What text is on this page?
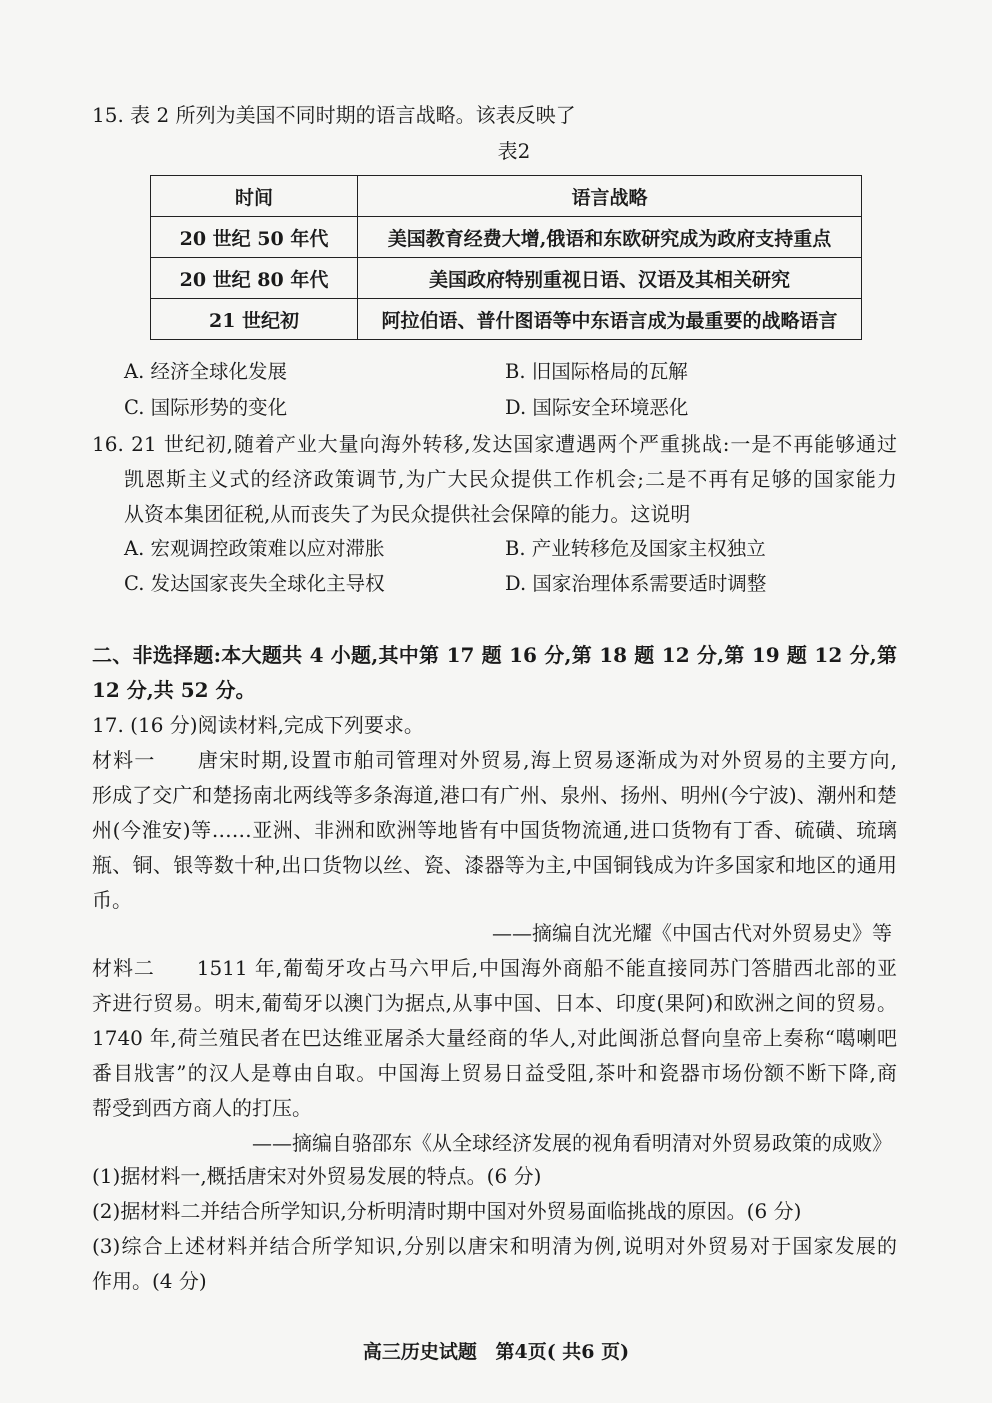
15. 表 2 所列为美国不同时期的语言战略。该表反映了
表2
时间	语言战略
20 世纪 50 年代	美国教育经费大增,俄语和东欧研究成为政府支持重点
20 世纪 80 年代	美国政府特别重视日语、汉语及其相关研究
21 世纪初	阿拉伯语、普什图语等中东语言成为最重要的战略语言
A. 经济全球化发展	B. 旧国际格局的瓦解
C. 国际形势的变化	D. 国际安全环境恶化
16. 21 世纪初,随着产业大量向海外转移,发达国家遭遇两个严重挑战:一是不再能够通过
凯恩斯主义式的经济政策调节,为广大民众提供工作机会;二是不再有足够的国家能力
从资本集团征税,从而丧失了为民众提供社会保障的能力。这说明
A. 宏观调控政策难以应对滞胀	B. 产业转移危及国家主权独立
C. 发达国家丧失全球化主导权	D. 国家治理体系需要适时调整
二、非选择题:本大题共 4 小题,其中第 17 题 16 分,第 18 题 12 分,第 19 题 12 分,第
12 分,共 52 分。
17. (16 分)阅读材料,完成下列要求。
材料一　　唐宋时期,设置市舶司管理对外贸易,海上贸易逐渐成为对外贸易的主要方向,
形成了交广和楚扬南北两线等多条海道,港口有广州、泉州、扬州、明州(今宁波)、潮州和楚
州(今淮安)等……亚洲、非洲和欧洲等地皆有中国货物流通,进口货物有丁香、硫磺、琉璃
瓶、铜、银等数十种,出口货物以丝、瓷、漆器等为主,中国铜钱成为许多国家和地区的通用
币。
——摘编自沈光耀《中国古代对外贸易史》等
材料二　　1511 年,葡萄牙攻占马六甲后,中国海外商船不能直接同苏门答腊西北部的亚
齐进行贸易。明末,葡萄牙以澳门为据点,从事中国、日本、印度(果阿)和欧洲之间的贸易。
1740 年,荷兰殖民者在巴达维亚屠杀大量经商的华人,对此闽浙总督向皇帝上奏称“噶喇吧
番目戕害”的汉人是尊由自取。中国海上贸易日益受阻,茶叶和瓷器市场份额不断下降,商
帮受到西方商人的打压。
——摘编自骆邵东《从全球经济发展的视角看明清对外贸易政策的成败》
(1)据材料一,概括唐宋对外贸易发展的特点。(6 分)
(2)据材料二并结合所学知识,分析明清时期中国对外贸易面临挑战的原因。(6 分)
(3)综合上述材料并结合所学知识,分别以唐宋和明清为例,说明对外贸易对于国家发展的
作用。(4 分)
高三历史试题 第4页( 共6 页)
